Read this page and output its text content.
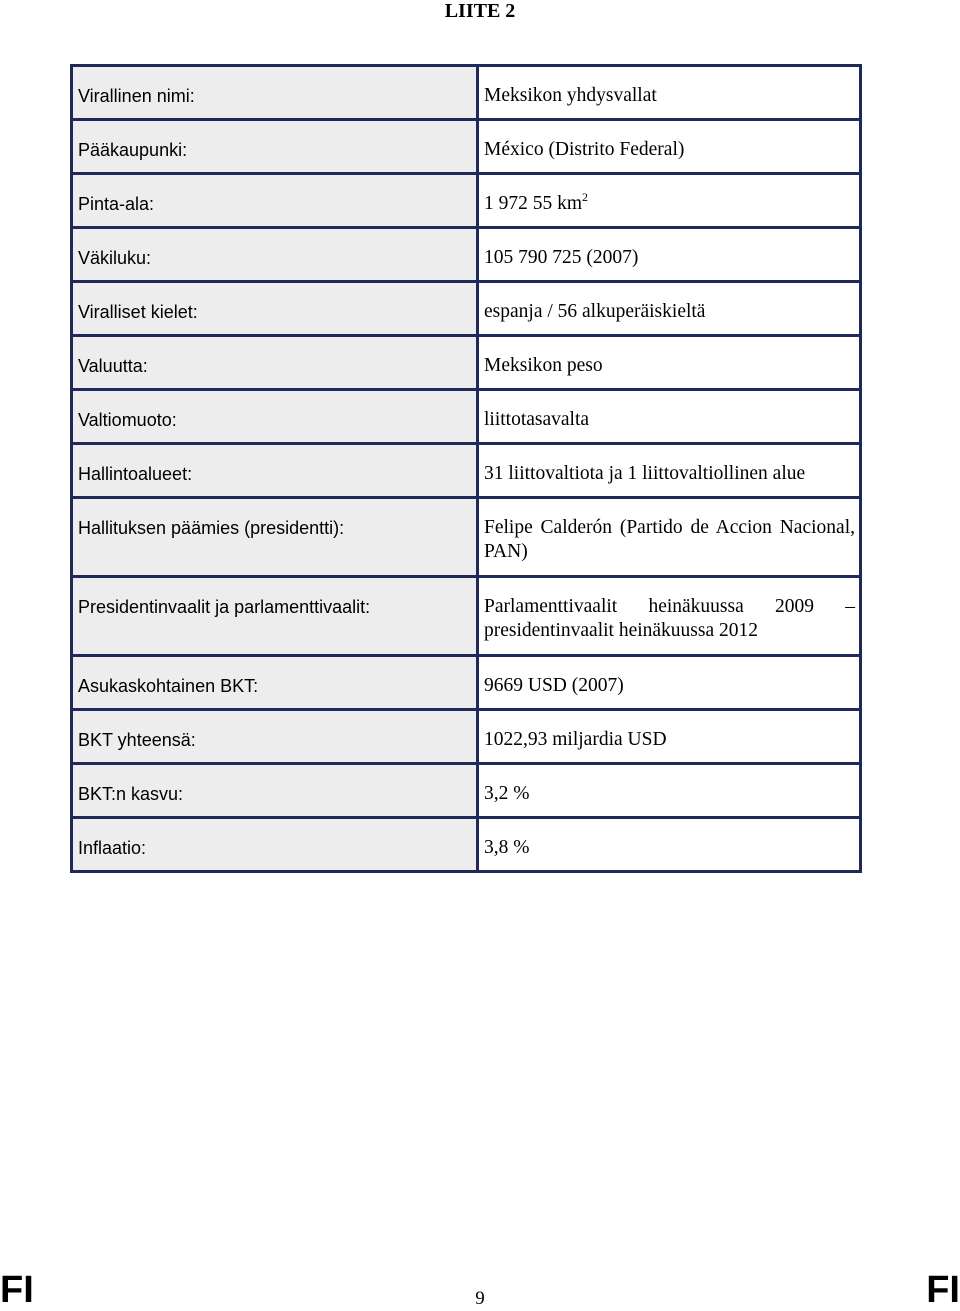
LIITE 2
Virallinen nimi:	Meksikon yhdysvallat
Pääkaupunki:	México (Distrito Federal)
Pinta-ala:	1 972 55 $km^2$
Väkiluku:	105 790 725 (2007)
Viralliset kielet:	espanja / 56 alkuperäiskieltä
Valuutta:	Meksikon peso
Valtiomuoto:	liittotasavalta
Hallintoalueet:	31 liittovaltiota ja 1 liittovaltiollinen alue
Hallituksen päämies (presidentti):	Felipe Calderón (Partido de Accion Nacional, PAN)
Presidentinvaalit ja parlamenttivaalit:	Parlamenttivaalit heinäkuussa 2009 – presidentinvaalit heinäkuussa 2012
Asukaskohtainen BKT:	9669 USD (2007)
BKT yhteensä:	1022,93 miljardia USD
BKT:n kasvu:	3,2 %
Inflaatio:	3,8 %
FI	9	FI
